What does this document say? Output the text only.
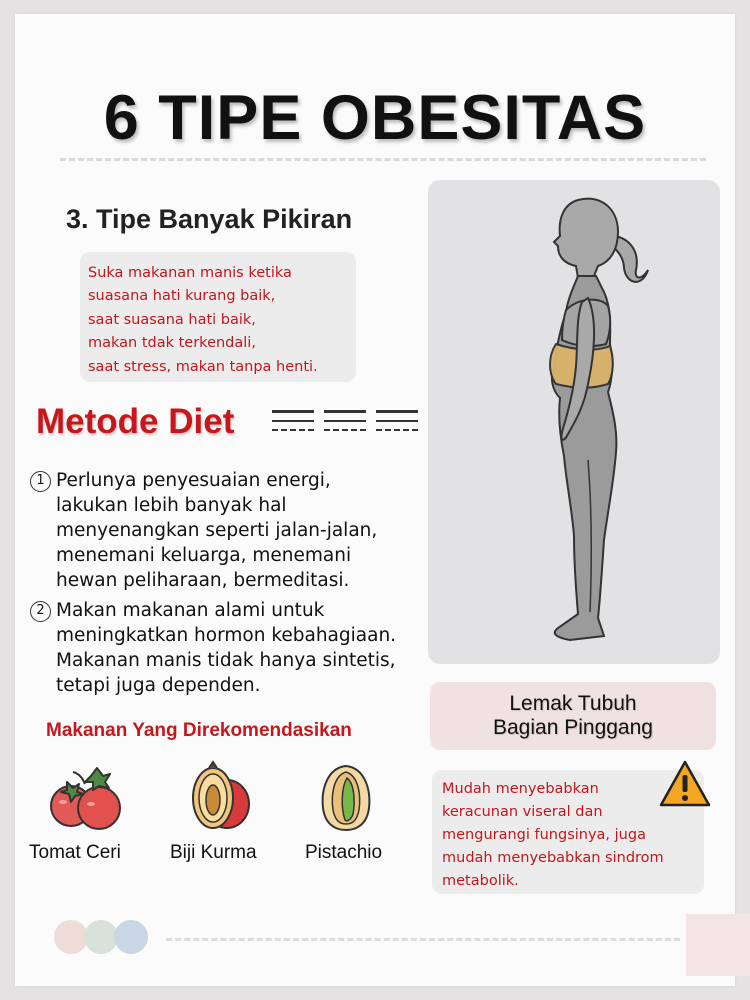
6 TIPE OBESITAS
3. Tipe Banyak Pikiran
Suka makanan manis ketika
suasana hati kurang baik,
saat suasana hati baik,
makan tdak terkendali,
saat stress, makan tanpa henti.
Metode Diet
1 Perlunya penyesuaian energi,
lakukan lebih banyak hal
menyenangkan seperti jalan-jalan,
menemani keluarga, menemani
hewan peliharaan, bermeditasi.
2 Makan makanan alami untuk
meningkatkan hormon kebahagiaan.
Makanan manis tidak hanya sintetis,
tetapi juga dependen.
Makanan Yang Direkomendasikan
Tomat Ceri	Biji Kurma	Pistachio
Lemak Tubuh
Bagian Pinggang
Mudah menyebabkan
keracunan viseral dan
mengurangi fungsinya, juga
mudah menyebabkan sindrom
metabolik.
